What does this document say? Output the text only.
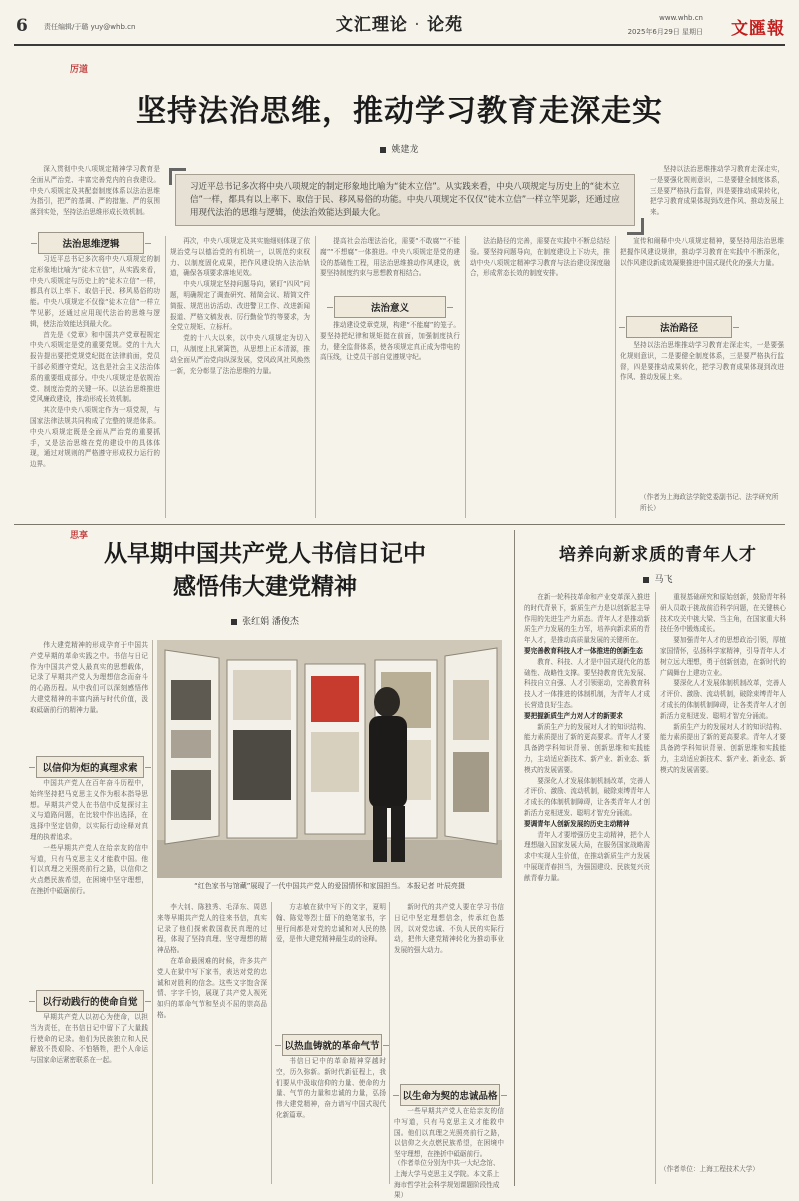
6 责任编辑/于璐 yuy@whb.cn	文汇理论 · 论苑	www.whb.cn
2025年6月29日 星期日 文匯報
厉道
坚持法治思维，推动学习教育走深走实
姚建龙
习近平总书记多次将中央八项规定的制定形象地比喻为“徒木立信”。从实践来看，中央八项规定与历史上的“徒木立信”一样，都具有以上率下、取信于民、移风易俗的功能。中央八项规定不仅仅“徒木立信”一样立竿见影，还通过应用现代法治的思维与逻辑，使法治效能达到最大化。

深入贯彻中央八项规定精神学习教育是全面从严治党、丰富完善党内的自我建设。中央八项规定及其配套制度体系以法治思维为指引，把严的基调、严的措施、严的氛围落到实处，坚持法治思维形成长效机制。

坚持以法治思维推动学习教育走深走实，一是要强化规则意识，二是要健全制度体系，三是要严格执行监督，四是要推动成果转化，把学习教育成果体现到改进作风、推动发展上来。

法治思维逻辑

习近平总书记多次将中央八项规定的制定形象地比喻为“徒木立信”，从实践来看，中央八项规定与历史上的“徒木立信”一样，都具有以上率下、取信于民、移风易俗的功能。中央八项规定不仅像“徒木立信”一样立竿见影，还通过应用现代法治的思维与逻辑，使法治效能达到最大化。

首先是《党章》和中国共产党章程规定中央八项规定是党的重要党规。党的十九大报告提出要把党规党纪挺在法律前面，党员干部必须遵守党纪，这也是社会主义法治体系的重要组成部分。中央八项规定是依规治党、制度治党的关键一环。以法治思维推进党风廉政建设，推动形成长效机制。

其次是中央八项规定作为一项党规，与国家法律法规共同构成了完整的规范体系。中央八项规定既是全面从严治党的重要抓手，又是法治思维在党的建设中的具体体现，通过对规则的严格遵守形成权力运行的边界。

再次，中央八项规定及其实施细则体现了依规治党与以德治党的有机统一，以规范约束权力、以制度固化成果，把作风建设纳入法治轨道，确保各项要求落地见效。

中央八项规定坚持问题导向，紧盯“四风”问题，明确规定了调查研究、精简会议、精简文件简报、规范出访活动、改进警卫工作、改进新闻报道、严格文稿发表、厉行勤俭节约等要求，为全党立规矩、立标杆。

党的十八大以来，以中央八项规定为切入口，从制度上扎紧篱笆，从思想上正本清源，推动全面从严治党向纵深发展，党风政风社风焕然一新，充分彰显了法治思维的力量。

提高社会治理法治化，需要“不敢腐”“不能腐”“不想腐”一体推进。中央八项规定是党的建设的基础性工程，用法治思维推动作风建设，就要坚持制度约束与思想教育相结合。

法治意义

推动建设党章党规，构建“不能腐”的笼子。要坚持把纪律和规矩挺在前面，加强制度执行力，健全监督体系，使各项规定真正成为带电的高压线，让党员干部自觉遵规守纪。

法治路径的完善，需要在实践中不断总结经验。要坚持问题导向，在制度建设上下功夫，推动中央八项规定精神学习教育与法治建设深度融合，形成常态长效的制度安排。

法治路径

宣传和阐释中央八项规定精神，要坚持用法治思维把握作风建设规律，推动学习教育在实践中不断深化，以作风建设新成效凝聚推进中国式现代化的强大力量。

坚持以法治思维推动学习教育走深走实，一是要强化规则意识，二是要健全制度体系，三是要严格执行监督，四是要推动成果转化，把学习教育成果体现到改进作风、推动发展上来。

（作者为上海政法学院党委副书记、法学研究所所长）
思享
从早期中国共产党人书信日记中
感悟伟大建党精神
张红娟 潘俊杰

伟大建党精神的形成孕育于中国共产党早期的革命实践之中。书信与日记作为中国共产党人最真实的思想载体，记录了早期共产党人为理想信念而奋斗的心路历程。从中我们可以深刻感悟伟大建党精神的丰富内涵与时代价值，汲取砥砺前行的精神力量。

以信仰为炬的真理求索

中国共产党人在百年奋斗历程中，始终坚持把马克思主义作为根本指导思想。早期共产党人在书信中反复探讨主义与道路问题，在比较中作出选择，在选择中坚定信仰，以实际行动诠释对真理的执着追求。

一些早期共产党人在给亲友的信中写道，只有马克思主义才能救中国。他们以真理之光照亮前行之路，以信仰之火点燃民族希望，在困境中坚守理想，在挫折中砥砺前行。

以行动践行的使命自觉

早期共产党人以初心为使命，以担当为责任，在书信日记中留下了大量践行使命的记录。他们为民族独立和人民解放不畏艰险、不怕牺牲，把个人命运与国家命运紧密联系在一起。

“红色家书与馆藏”展现了一代中国共产党人的爱国情怀和家国担当。 本报记者 叶辰亮摄

李大钊、陈独秀、毛泽东、周恩来等早期共产党人的往来书信，真实记录了他们探索救国救民真理的过程，体现了坚持真理、坚守理想的精神品格。

在革命最困难的时候，许多共产党人在狱中写下家书，表达对党的忠诚和对胜利的信念。这些文字饱含深情、字字千钧，展现了共产党人视死如归的革命气节和坚贞不屈的崇高品格。

方志敏在狱中写下的文字，夏明翰、陈觉等烈士留下的绝笔家书，字里行间都是对党的忠诚和对人民的热爱，是伟大建党精神最生动的诠释。

以热血铸就的革命气节

书信日记中的革命精神穿越时空，历久弥新。新时代新征程上，我们要从中汲取信仰的力量、使命的力量、气节的力量和忠诚的力量，弘扬伟大建党精神，奋力谱写中国式现代化新篇章。

新时代的共产党人要在学习书信日记中坚定理想信念，传承红色基因，以对党忠诚、不负人民的实际行动，把伟大建党精神转化为推动事业发展的强大动力。

以生命为契的忠诚品格

一些早期共产党人在给亲友的信中写道，只有马克思主义才能救中国。他们以真理之光照亮前行之路，以信仰之火点燃民族希望，在困境中坚守理想，在挫折中砥砺前行。

（作者单位分别为中共一大纪念馆、上海大学马克思主义学院。本文系上海市哲学社会科学规划课题阶段性成果）
培养向新求质的青年人才
马飞

在新一轮科技革命和产业变革深入推进的时代背景下，新质生产力是以创新起主导作用的先进生产力质态。青年人才是推动新质生产力发展的生力军，培养向新求质的青年人才，是推动高质量发展的关键所在。

要完善教育科技人才一体推进的创新生态

教育、科技、人才是中国式现代化的基础性、战略性支撑。要坚持教育优先发展、科技自立自强、人才引领驱动，完善教育科技人才一体推进的体制机制，为青年人才成长营造良好生态。

要把握新质生产力对人才的新要求

新质生产力的发展对人才的知识结构、能力素质提出了新的更高要求。青年人才要具备跨学科知识背景、创新思维和实践能力，主动适应新技术、新产业、新业态、新模式的发展需要。

要深化人才发展体制机制改革，完善人才评价、激励、流动机制，破除束缚青年人才成长的体制机制障碍，让各类青年人才创新活力竞相迸发、聪明才智充分涌流。

要调青年人创新发展的历史主动精神

青年人才要增强历史主动精神，把个人理想融入国家发展大局，在服务国家战略需求中实现人生价值，在推动新质生产力发展中展现青春担当，为强国建设、民族复兴贡献青春力量。

重视基础研究和原始创新，鼓励青年科研人员敢于挑战前沿科学问题，在关键核心技术攻关中挑大梁、当主角，在国家重大科技任务中锻炼成长。

要加强青年人才的思想政治引领，厚植家国情怀，弘扬科学家精神，引导青年人才树立远大理想，勇于创新创造，在新时代的广阔舞台上建功立业。

要深化人才发展体制机制改革，完善人才评价、激励、流动机制，破除束缚青年人才成长的体制机制障碍，让各类青年人才创新活力竞相迸发、聪明才智充分涌流。

新质生产力的发展对人才的知识结构、能力素质提出了新的更高要求。青年人才要具备跨学科知识背景、创新思维和实践能力，主动适应新技术、新产业、新业态、新模式的发展需要。

（作者单位：上海工程技术大学）
